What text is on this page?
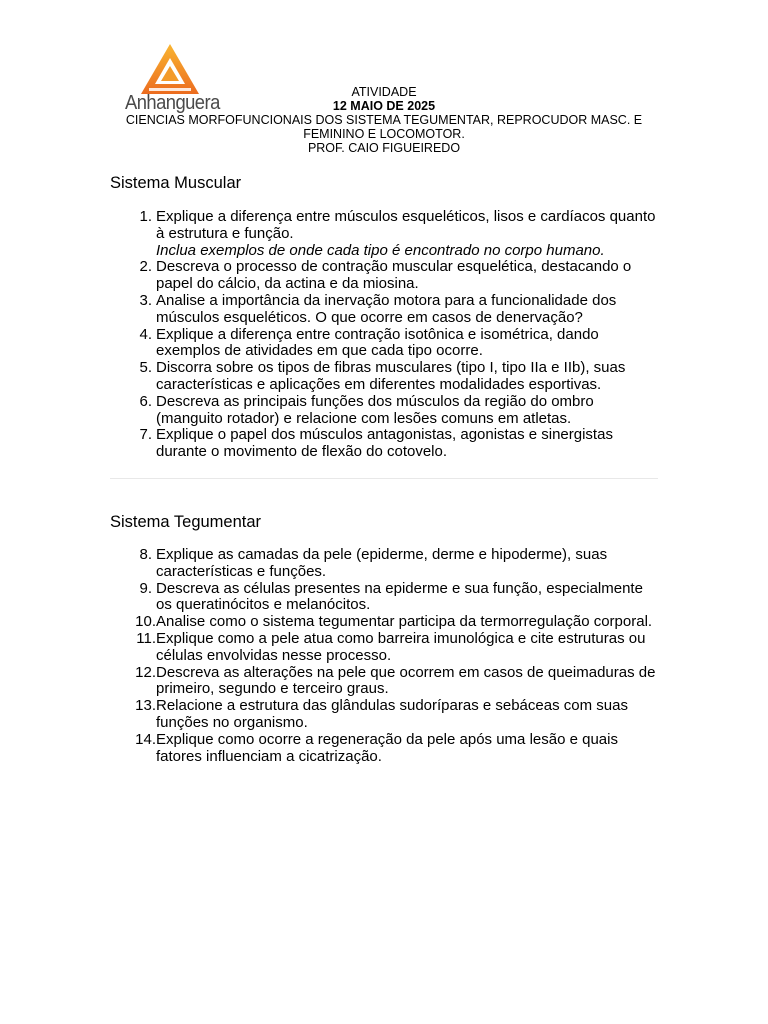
Anhanguera	ATIVIDADE
12 MAIO DE 2025
CIENCIAS MORFOFUNCIONAIS DOS SISTEMA TEGUMENTAR, REPROCUDOR MASC. E
FEMININO E LOCOMOTOR.
PROF. CAIO FIGUEIREDO
Sistema Muscular
1. Explique a diferença entre músculos esqueléticos, lisos e cardíacos quanto à estrutura e função.
Inclua exemplos de onde cada tipo é encontrado no corpo humano.
2. Descreva o processo de contração muscular esquelética, destacando o papel do cálcio, da actina e da miosina.
3. Analise a importância da inervação motora para a funcionalidade dos músculos esqueléticos. O que ocorre em casos de denervação?
4. Explique a diferença entre contração isotônica e isométrica, dando exemplos de atividades em que cada tipo ocorre.
5. Discorra sobre os tipos de fibras musculares (tipo I, tipo IIa e IIb), suas características e aplicações em diferentes modalidades esportivas.
6. Descreva as principais funções dos músculos da região do ombro (manguito rotador) e relacione com lesões comuns em atletas.
7. Explique o papel dos músculos antagonistas, agonistas e sinergistas durante o movimento de flexão do cotovelo.
Sistema Tegumentar
8. Explique as camadas da pele (epiderme, derme e hipoderme), suas características e funções.
9. Descreva as células presentes na epiderme e sua função, especialmente os queratinócitos e melanócitos.
10. Analise como o sistema tegumentar participa da termorregulação corporal.
11. Explique como a pele atua como barreira imunológica e cite estruturas ou células envolvidas nesse processo.
12. Descreva as alterações na pele que ocorrem em casos de queimaduras de primeiro, segundo e terceiro graus.
13. Relacione a estrutura das glândulas sudoríparas e sebáceas com suas funções no organismo.
14. Explique como ocorre a regeneração da pele após uma lesão e quais fatores influenciam a cicatrização.
